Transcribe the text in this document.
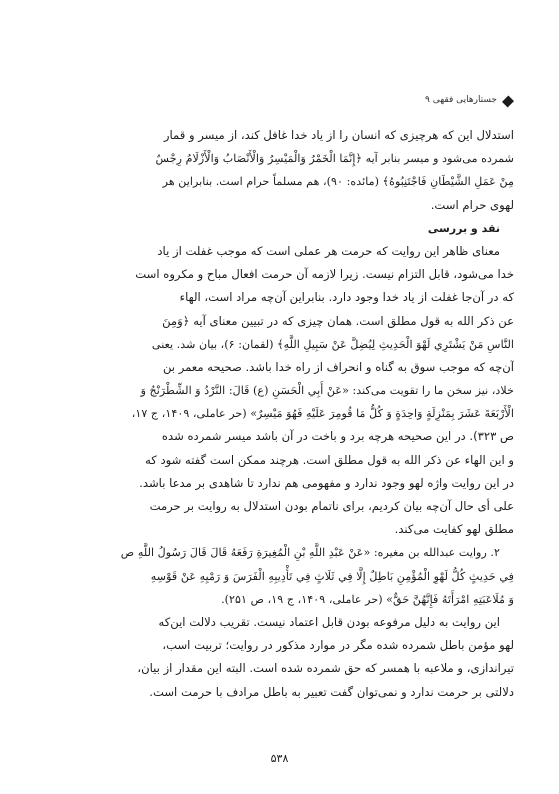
جستارهایی فقهی ۹
استدلال این که هرچیزی که انسان را از یاد خدا غافل کند، از میسر و قمار
شمرده می‌شود و میسر بنابر آیه ﴿إِنَّمَا الْخَمْرُ وَالْمَيْسِرُ وَالْأَنْصَابُ وَالْأَزْلَامُ رِجْسٌ
مِنْ عَمَلِ الشَّيْطَانِ فَاجْتَنِبُوهُ﴾ (مائده: ۹۰)، هم مسلماً حرام است. بنابراین هر
لهوی حرام است.
نقد و بررسی
معنای ظاهر این روایت که حرمت هر عملی است که موجب غفلت از یاد
خدا می‌شود، قابل التزام نیست. زیرا لازمه آن حرمت افعال مباح و مکروه است
که در آن‌جا غفلت از یاد خدا وجود دارد. بنابراین آن‌چه مراد است، الهاء
عن ذکر الله به قول مطلق است. همان چیزی که در تبیین معنای آیه ﴿وَمِنَ
النَّاسِ مَنْ يَشْتَرِي لَهْوَ الْحَدِيثِ لِيُضِلَّ عَنْ سَبِيلِ اللَّهِ﴾ (لقمان: ۶)، بیان شد. یعنی
آن‌چه که موجب سوق به گناه و انحراف از راه خدا باشد. صحیحه معمر بن
خلاد، نیز سخن ما را تقویت می‌کند: «عَنْ أَبِي الْحَسَنِ (ع) قَالَ: النَّرْدُ وَ الشِّطْرَنْجُ وَ
الْأَرْبَعَةَ عَشَرَ بِمَنْزِلَةٍ وَاحِدَةٍ وَ كُلُّ مَا قُومِرَ عَلَيْهِ فَهُوَ مَيْسِرٌ» (حر عاملی، ۱۴۰۹، ج ۱۷،
ص ۳۲۳). در این صحیحه هرچه برد و باخت در آن باشد میسر شمرده شده
و این الهاء عن ذکر الله به قول مطلق است. هرچند ممکن است گفته شود که
در این روایت واژه لهو وجود ندارد و مفهومی هم ندارد تا شاهدی بر مدعا باشد.
علی أی حال آن‌چه بیان کردیم، برای ناتمام بودن استدلال به روایت بر حرمت
مطلق لهو کفایت می‌کند.
۲. روایت عبدالله بن مغیره: «عَنْ عَبْدِ اللَّهِ بْنِ الْمُغِيرَةِ رَفَعَهُ قَالَ قَالَ رَسُولُ اللَّهِ ص
فِي حَدِيثٍ كُلُّ لَهْوِ الْمُؤْمِنِ بَاطِلٌ إِلَّا فِي ثَلَاثٍ فِي تَأْدِيبِهِ الْفَرَسَ وَ رَمْيِهِ عَنْ قَوْسِهِ
وَ مُلَاعَبَتِهِ امْرَأَتَهُ فَإِنَّهُنَّ حَقٌّ» (حر عاملی، ۱۴۰۹، ج ۱۹، ص ۲۵۱).
این روایت به دلیل مرفوعه بودن قابل اعتماد نیست. تقریب دلالت این‌که
لهو مؤمن باطل شمرده شده مگر در موارد مذکور در روایت؛ تربیت اسب،
تیراندازی، و ملاعبه با همسر که حق شمرده شده است. البته این مقدار از بیان،
دلالتی بر حرمت ندارد و نمی‌توان گفت تعبیر به باطل مرادف با حرمت است.
۵۳۸
